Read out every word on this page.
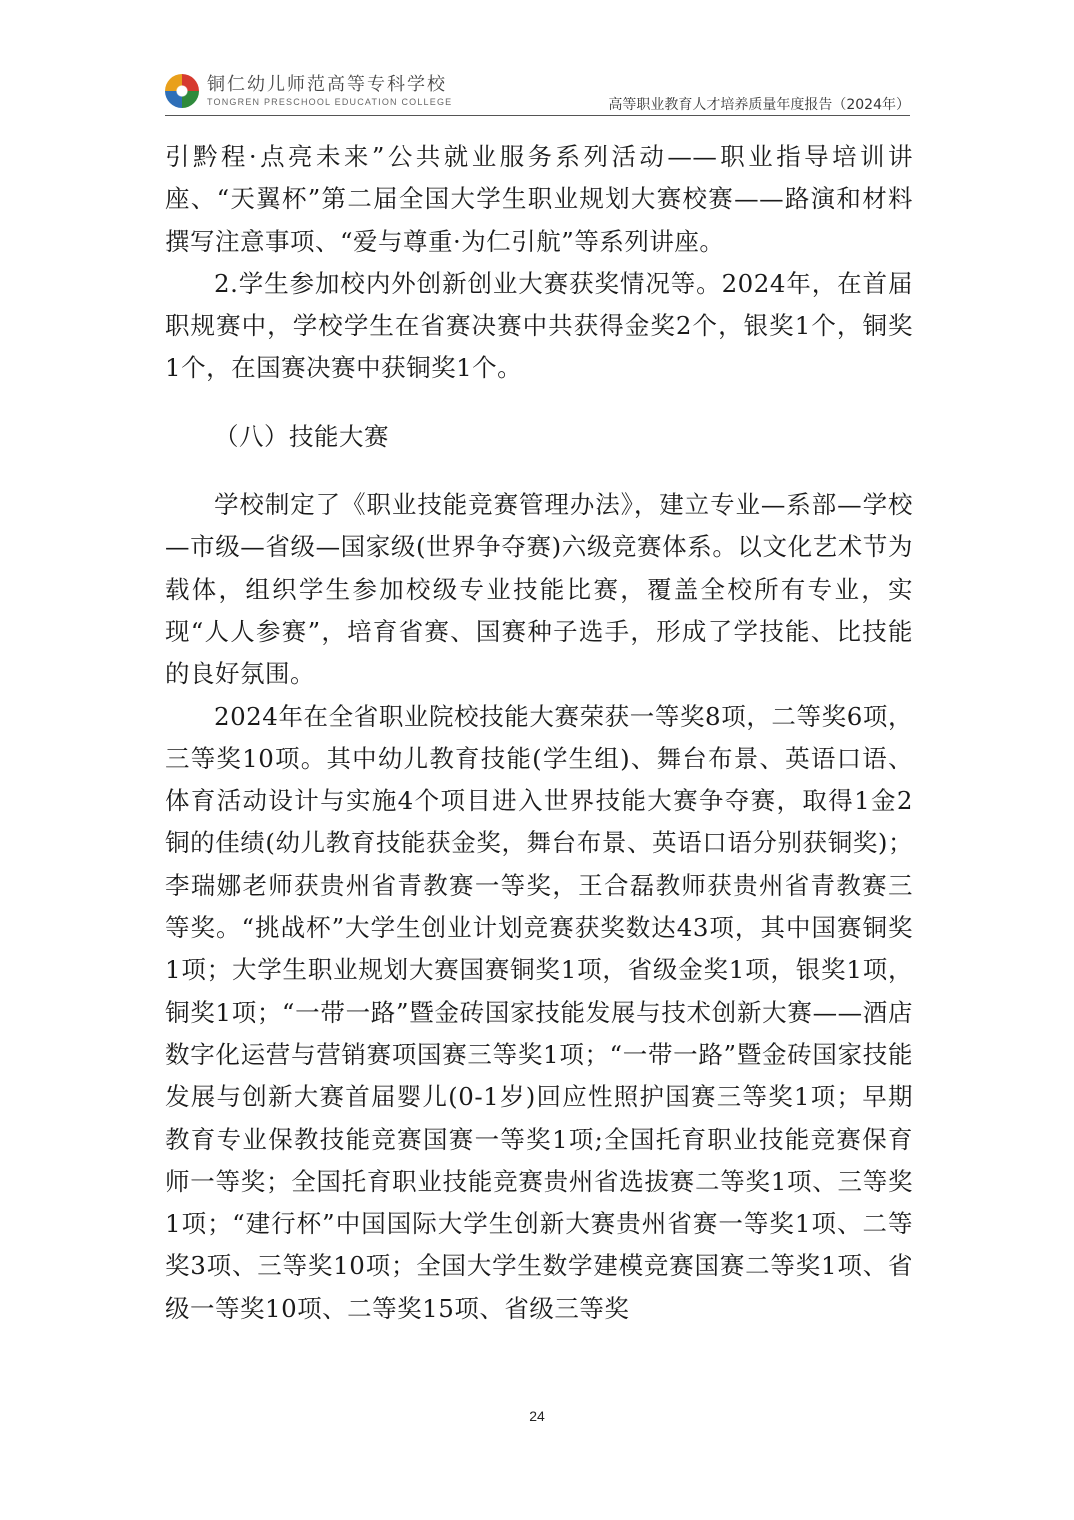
铜仁幼儿师范高等专科学校
TONGREN PRESCHOOL EDUCATION COLLEGE	高等职业教育人才培养质量年度报告（2024年）

引黔程·点亮未来”公共就业服务系列活动——职业指导培训讲座、“天翼杯”第二届全国大学生职业规划大赛校赛——路演和材料撰写注意事项、“爱与尊重·为仁引航”等系列讲座。

2.学生参加校内外创新创业大赛获奖情况等。2024年，在首届职规赛中，学校学生在省赛决赛中共获得金奖2个，银奖1个，铜奖1个，在国赛决赛中获铜奖1个。

（八）技能大赛

学校制定了《职业技能竞赛管理办法》，建立专业—系部—学校—市级—省级—国家级(世界争夺赛)六级竞赛体系。以文化艺术节为载体，组织学生参加校级专业技能比赛，覆盖全校所有专业，实现“人人参赛”，培育省赛、国赛种子选手，形成了学技能、比技能的良好氛围。

2024年在全省职业院校技能大赛荣获一等奖8项，二等奖6项，三等奖10项。其中幼儿教育技能(学生组)、舞台布景、英语口语、体育活动设计与实施4个项目进入世界技能大赛争夺赛，取得1金2铜的佳绩(幼儿教育技能获金奖，舞台布景、英语口语分别获铜奖)；李瑞娜老师获贵州省青教赛一等奖，王合磊教师获贵州省青教赛三等奖。“挑战杯”大学生创业计划竞赛获奖数达43项，其中国赛铜奖1项；大学生职业规划大赛国赛铜奖1项，省级金奖1项，银奖1项，铜奖1项；“一带一路”暨金砖国家技能发展与技术创新大赛——酒店数字化运营与营销赛项国赛三等奖1项；“一带一路”暨金砖国家技能发展与创新大赛首届婴儿(0-1岁)回应性照护国赛三等奖1项；早期教育专业保教技能竞赛国赛一等奖1项;全国托育职业技能竞赛保育师一等奖；全国托育职业技能竞赛贵州省选拔赛二等奖1项、三等奖1项；“建行杯”中国国际大学生创新大赛贵州省赛一等奖1项、二等奖3项、三等奖10项；全国大学生数学建模竞赛国赛二等奖1项、省级一等奖10项、二等奖15项、省级三等奖

24
